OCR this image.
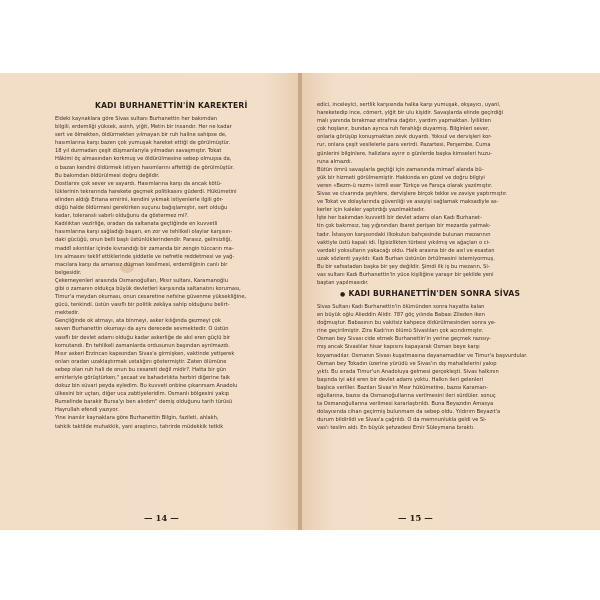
KADI BURHANETTİN'İN KAREKTERİ
Eldeki kaynaklara göre Sivas sultanı Burhanettin her bakımdan
bilgili, erdemliği yüksek, asinh, yiğit, Metin bir insandır. Her ne kadar
sert ve ölmekten, öldürmekten yılmayan bir ruh haline sahipse de,
hasımlarına karşı bazen çok yumuşak hareket ettiği de görülmüştür.
18 yıl durmadan çeşit düşmanlarıyla yılmadan savaşmıştır. Tokat
Hâkimi öç almasından korkmuş ve öldürülmesine sebep olmuşsa da,
o bazan kendini öldürmek istiyen hasımlarını affettiği de görülmüştür.
Bu bakımdan öldürülmesi doğru değildir.
Dostlarını çok sever ve sayardı. Hasımlarına karşı da ancak kötü-
lüklerinin tekrarında harekete geçmek politikasını güderdi. Hükümetini
elinden aldığı Ertana emirini, kendini yıkmak istiyenlerle ilgili gör-
düğü halde öldürmesi gerekirken suçunu bağışlamıştır, sert olduğu
kadar, toleranslı sabırlı olduğunu da göstermez mi?.
Kadılıktan vezirliğe, oradan da saltanata geçtiğinde en kuvvetli
hasımlarına karşı sağladığı başarı, en zor ve tehlikeli olaylar karşısın-
daki gücüğü, onun belli başlı üstünlüklerindendir. Parasız, gelirsizliği,
maddî sıkıntılar içinde kıvrandığı bir zamanda bir zengin tüccarın ma-
lını almasını teklif ettiklerinde şiddetle ve nefretle reddetmesi ve yağ-
macılara karşı da amansız düşman kesilmesi, erdemliğinin canlı bir
belgesidir.
Çekemeyenleri arasında Osmanoğulları, Mısır sultanı, Karamanoğlu
gibi o zamanın oldukça büyük devletleri karşısında saltanatını koruması,
Timur'a meydan okuması, onun cesaretine nefsine güvenme yüksekliğine,
gücü, tenkindi. üstün vasıflı bir politik zekâya sahip olduğunu belirt-
mektedir.
Gençliğinde ok atmayı, ata binmeyi, asker kılığında gezmeyi çok
seven Burhanettin okumayı da aynı derecede sevmektedir. O üstün
vasıflı bir devlet adamı olduğu kadar askerliğe de akıl eren güçlü bir
komutandı. En tehlikeli zamanlarda ordusunun başından ayrılmazdı.
Mısır askeri Erzincan kapısından Sivas'a girmişken, vaktinde yetişerek
onları oradan uzaklaştırmak ustalığını göstermiştir. Zaten ölümüne
sebep olan ruh hali de onun bu cesareti değil midir?. Hatta bir gün
emirleriyle görüştürken," şecaat ve bahadırlıkta herbiri diğerine faik
dokuz bin süvari peyda eyledim. Bu kuvveti onbine çıkarırsam Anadolu
ülkesini bir uçtan, diğer uca zabtiyeleridim. Osmanlı bölgesini yakıp
Rumelinde barakir Bursa'yı ben alırdım" demiş olduğunu tarih türüsü
Hayrullah efendi yazıyor.
Yine inanılır kaynaklara göre Burhanettin Bilgin, fazileti, ahlakh,
tahkik taktilde muhakkik, yani araştırıcı, tahrirde müdekkik tetkik
— 14 —
edici, inceleyici, sertlik karşısında halka karşı yumuşak, okşayıcı, uyanl,
hareketedip ince, cömert, yiğit bir ulu kişidir. Savaşlarda elinde geçirdiği
malı yanında bırakmaz etrafına dağıtır, yardım yapmaktan. İyilikten
çok hoşlanır, bundan ayrıca ruh ferahlığı duyarmış. Bilginleri sever,
onlarla görüşüp konuşmaktan zevk duyardı. Yoksul ve dervişleri kor-
rur, onlara çeşit vesilelerle para verirdi. Pazartesi, Perşembe, Cuma
günlerini bilginlere, halizlara ayırır o günlerde başka kimseleri huzu-
runa almazdı.
Bütün ömrü savaşlarla geçtiği için zamanında mimarî alanda bü-
yük bir hizmeti görülmemiştir. Hakkında en güzel ve doğru bilgiyi
veren «Bezm-ü rezm» isimli eser Türkçe ve Farsça olarak yazılmıştır.
Sivas ve civarında şeyhlere, dervişlere birçok tekke ve zaviye yaptırmıştır.
ve Tokat ve dolaylarında güvenliği ve asayişi sağlamak maksadiyle as-
kerler için kaleler yaptırdığı yazılmaktadır.
İşte her bakımdan kuvvetli bir devlet adamı olan Kadı Burhanet-
tin çok bakımsız, taş yığınından ibaret perişan bir mezarda yatmak-
tadır. İstasyon karşısındaki ilkokulun bahçesinde bulunan mezarının
vaktiyle üstü kapalı idi. İlgisizlikten türbesi yıkılmış ve ağaçları o ci-
vardaki yoksulların yakacağı oldu. Halk arasına bir de asıl ve esastan
uzak sözlenti yayıldı: Kadı Burhan üstünün örtülmesini istemiyormuş.
Bu bir safsatadan başka bir şey değildir. Şimdi ilk iş bu mezarın, Si-
vas sultanı Kadı Burhanettin'in yüce kişiliğine yaraşır bir şekilde yeni
baştan yapılmasıdır.
● KADI BURHANETTİN'DEN SONRA SİVAS
Sivas Sultanı Kadı Burhanettin'in ölümünden sonra hayatta kalan
en büyük oğlu Alieddin Alidir. 787 göç yılında Babası Zileden iken
doğmuştur. Babasının bu vakitsiz kahpece öldürülmesinden sonra ye-
rine geçirilmiştir. Zira Kadı'nın ölümü Sivaslıları çok acındırmıştır.
Osman bey Sivası cide etmek Burhanettin'in yerine geçmek razısıy-
mış ancak Sivaslılar hisar kapısını kapayarak Osman beye karşı
koyamadılar. Osmanın Sivası kuşatmasına dayanamadılar ve Timur'a başvurdular.
Osman bey Tokadın üzerine yürüdü ve Sivas'ın dış mahallelerini yakıp
yıktı. Bu sırada Timur'un Anadoluya gelmesi gerçekleşti. Sivas halkının
başında iyi akıl eren bir devlet adamı yoktu. Halkın ileri gelenleri
başlıca veriller. Bazıları Sivas'ın Mısır hükûmetine, bazısı Karaman-
oğullarına, bazısı da Osmanoğullarına verilmesini ileri sürdüler. sonuç
ta Osmanoğullarına verilmesi kararlaştırıldı. Buna Beyazıdın Amasya
dolayısında cihan geçirmiş bulunmam da sebep oldu. Yıldırım Beyazıt'a
durum bildirildi ve Sivas'a çağrıldı. O da memnunlukla geldi ve Si-
vas'ı teslim aldı. En büyük şehzadesi Emir Süleymana bıraktı.
— 15 —
